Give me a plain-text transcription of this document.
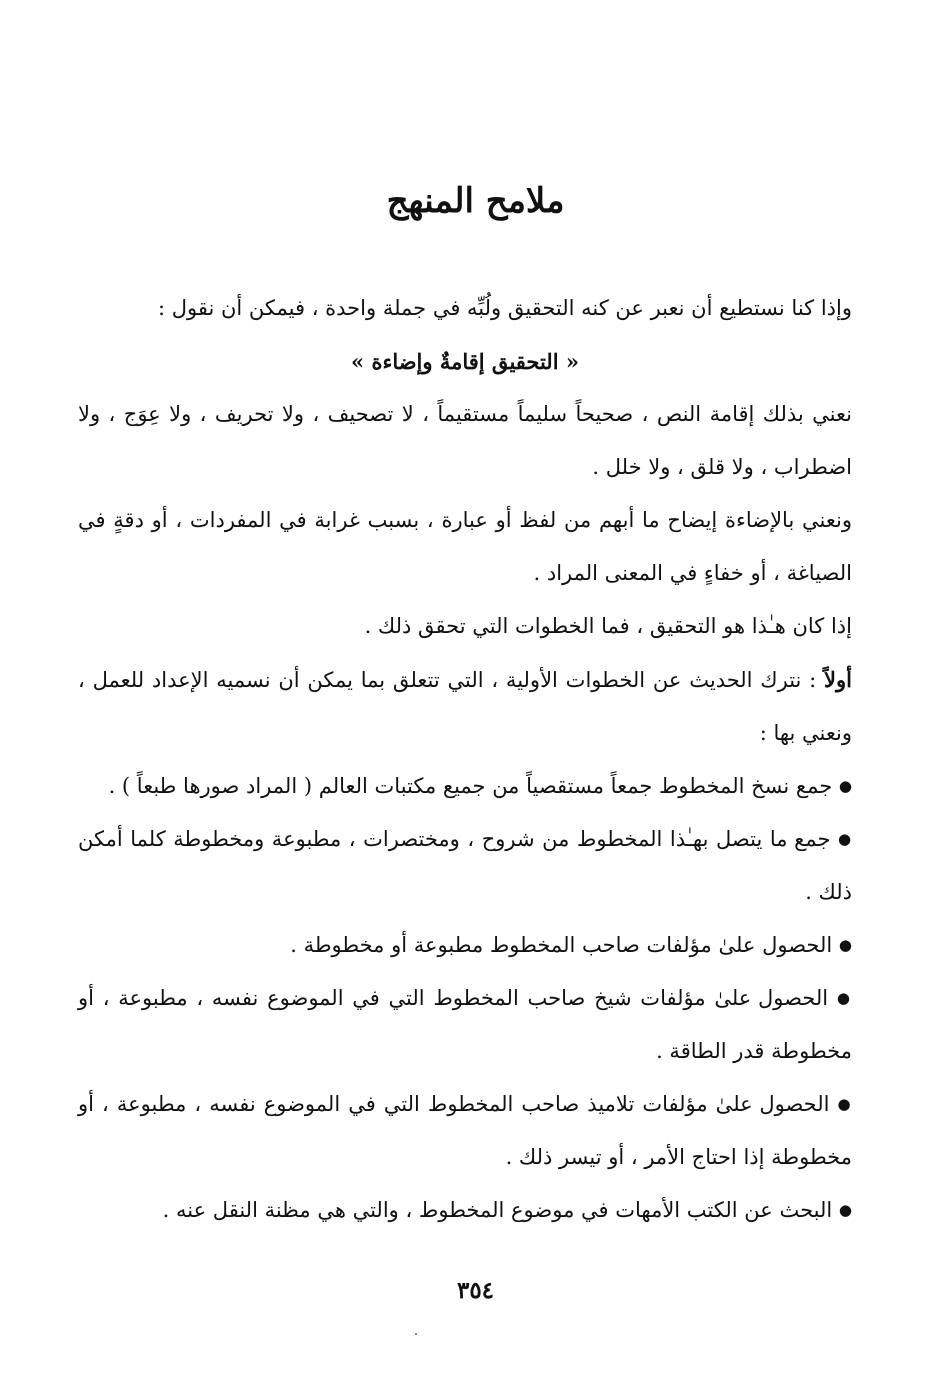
ملامح المنهج

وإذا كنا نستطيع أن نعبر عن كنه التحقيق ولُبِّه في جملة واحدة ، فيمكن أن نقول :

« التحقيق إقامةٌ وإضاءة »

نعني بذلك إقامة النص ، صحيحاً سليماً مستقيماً ، لا تصحيف ، ولا تحريف ، ولا عِوَج ، ولا اضطراب ، ولا قلق ، ولا خلل .

ونعني بالإضاءة إيضاح ما أبهم من لفظ أو عبارة ، بسبب غرابة في المفردات ، أو دقةٍ في الصياغة ، أو خفاءٍ في المعنى المراد .

إذا كان هـٰذا هو التحقيق ، فما الخطوات التي تحقق ذلك .

أولاً : نترك الحديث عن الخطوات الأولية ، التي تتعلق بما يمكن أن نسميه الإعداد للعمل ، ونعني بها :

● جمع نسخ المخطوط جمعاً مستقصياً من جميع مكتبات العالم ( المراد صورها طبعاً ) .

● جمع ما يتصل بهـٰذا المخطوط من شروح ، ومختصرات ، مطبوعة ومخطوطة كلما أمكن ذلك .

● الحصول علىٰ مؤلفات صاحب المخطوط مطبوعة أو مخطوطة .

● الحصول علىٰ مؤلفات شيخ صاحب المخطوط التي في الموضوع نفسه ، مطبوعة ، أو مخطوطة قدر الطاقة .

● الحصول علىٰ مؤلفات تلاميذ صاحب المخطوط التي في الموضوع نفسه ، مطبوعة ، أو مخطوطة إذا احتاج الأمر ، أو تيسر ذلك .

● البحث عن الكتب الأمهات في موضوع المخطوط ، والتي هي مظنة النقل عنه .

٣٥٤
